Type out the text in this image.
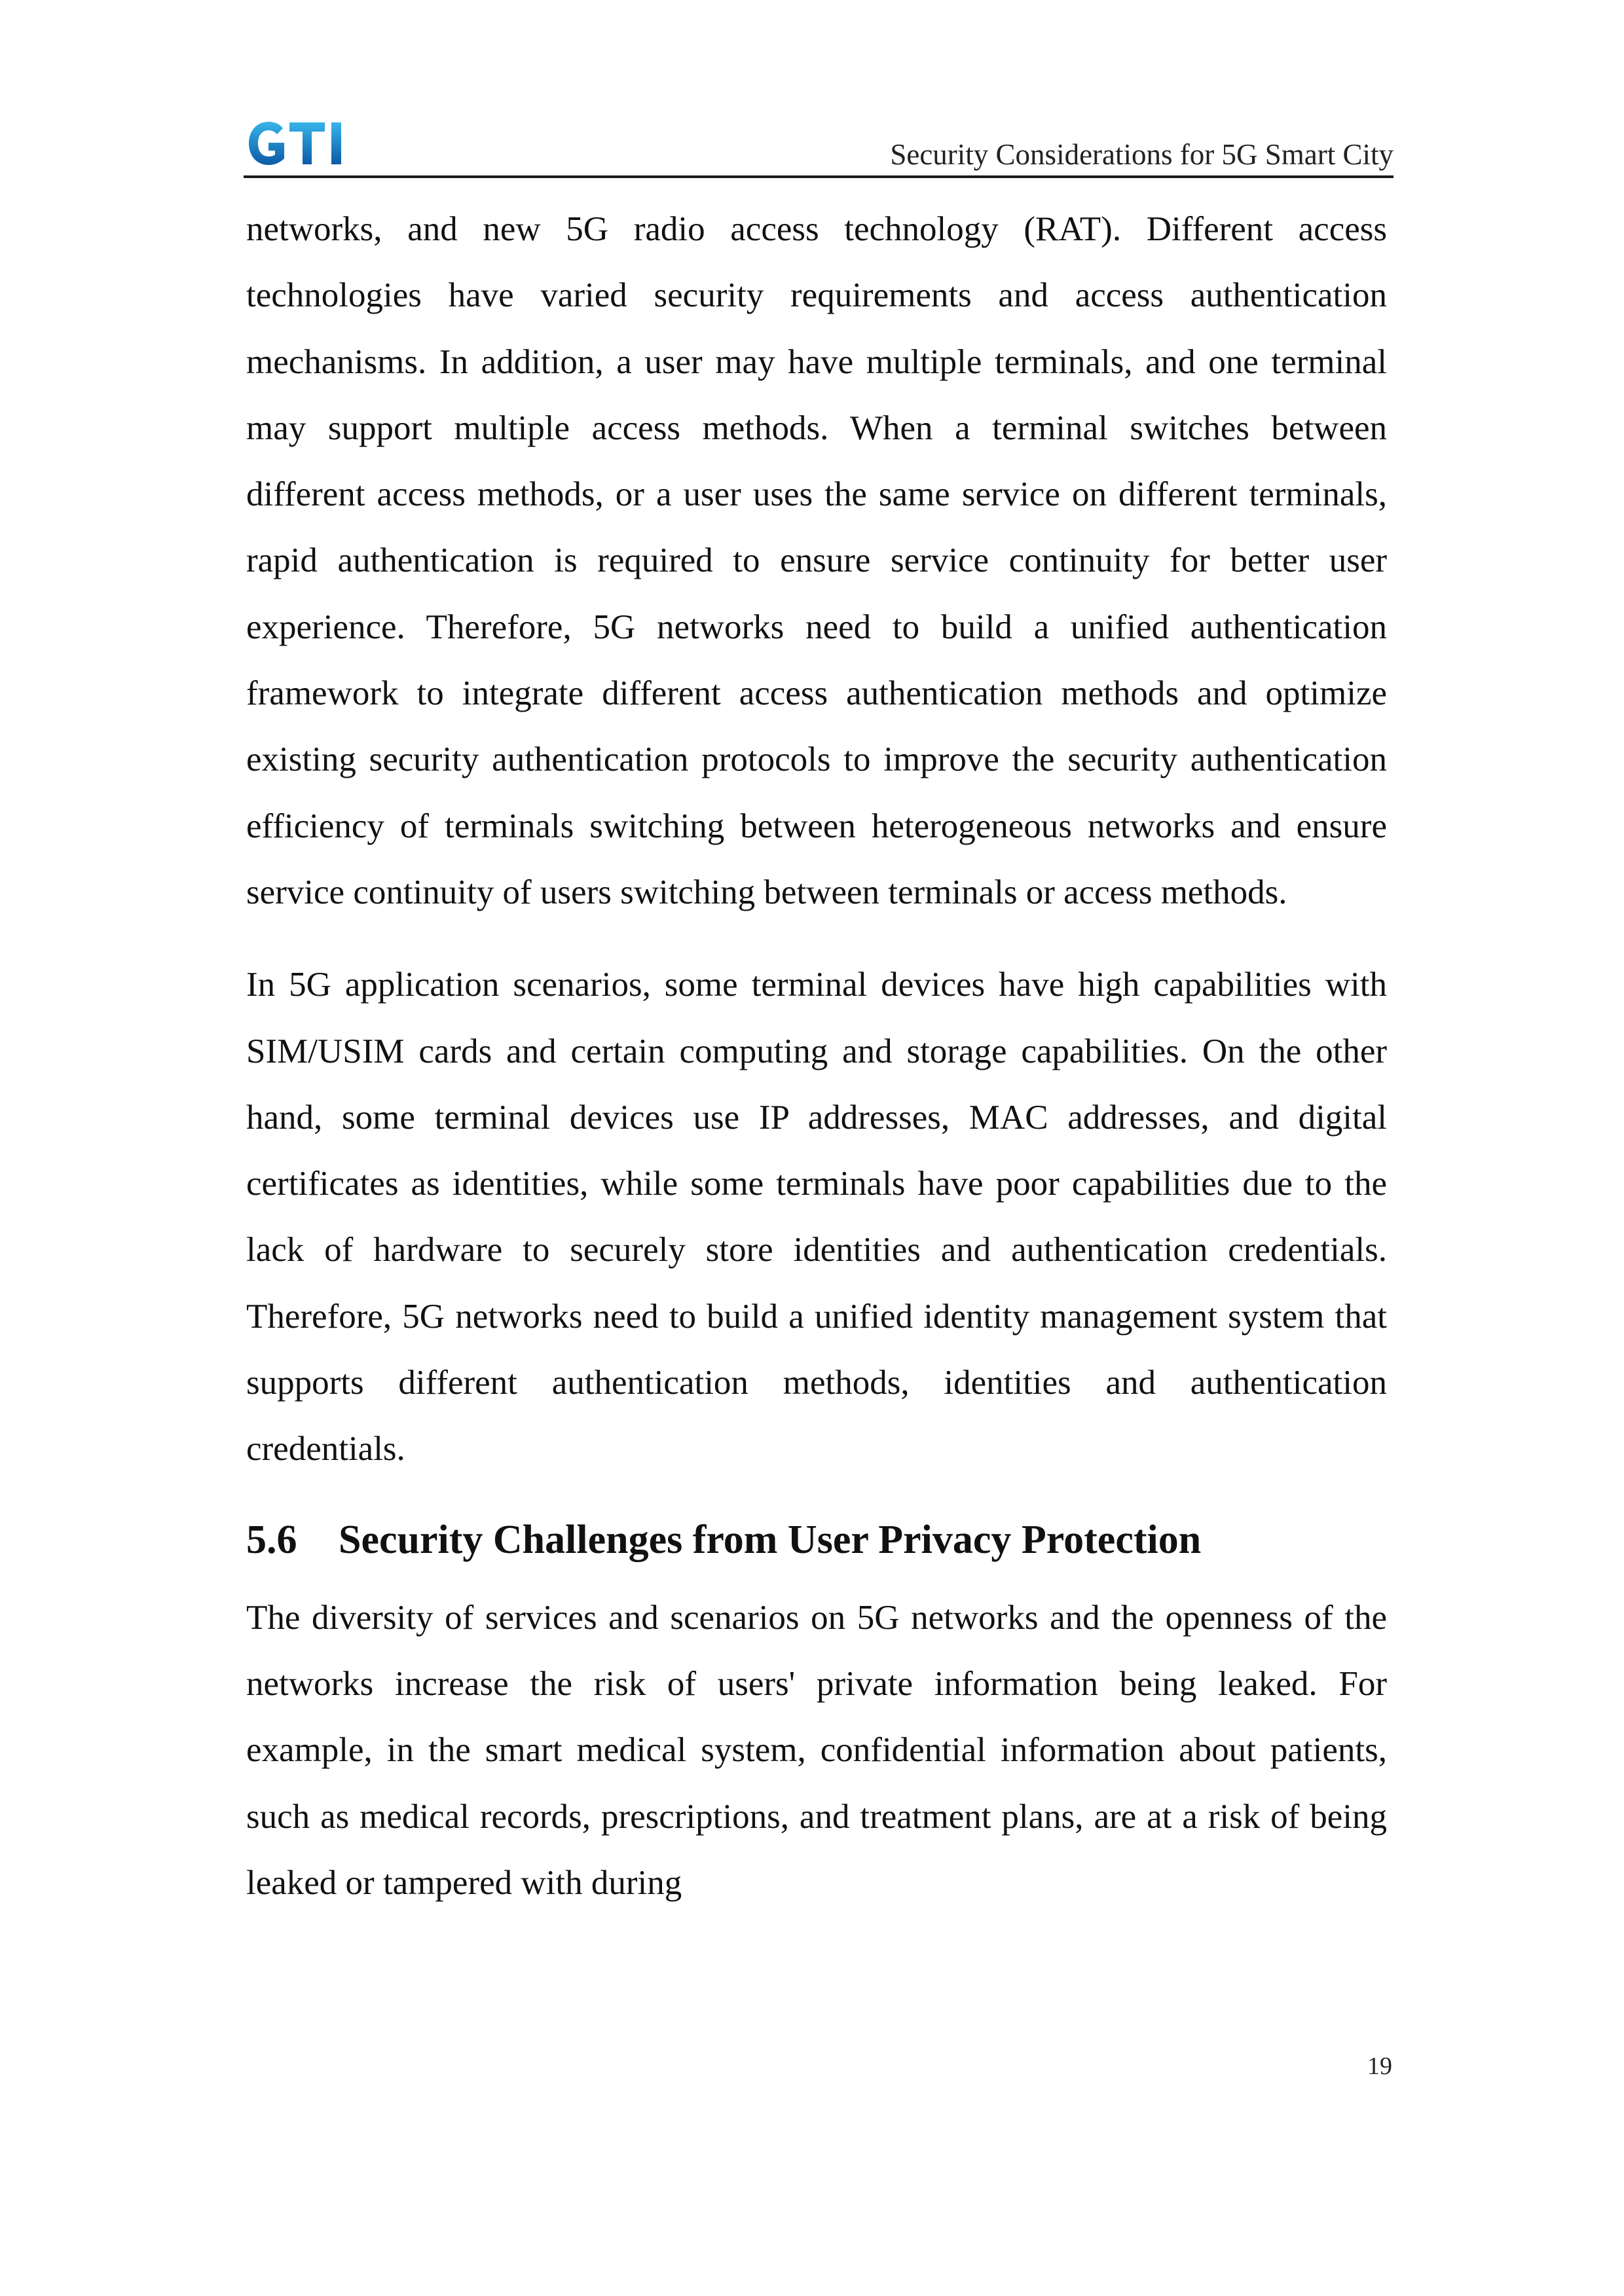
Security Considerations for 5G Smart City

networks, and new 5G radio access technology (RAT). Different access technologies have varied security requirements and access authentication mechanisms. In addition, a user may have multiple terminals, and one terminal may support multiple access methods. When a terminal switches between different access methods, or a user uses the same service on different terminals, rapid authentication is required to ensure service continuity for better user experience. Therefore, 5G networks need to build a unified authentication framework to integrate different access authentication methods and optimize existing security authentication protocols to improve the security authentication efficiency of terminals switching between heterogeneous networks and ensure service continuity of users switching between terminals or access methods.

In 5G application scenarios, some terminal devices have high capabilities with SIM/USIM cards and certain computing and storage capabilities. On the other hand, some terminal devices use IP addresses, MAC addresses, and digital certificates as identities, while some terminals have poor capabilities due to the lack of hardware to securely store identities and authentication credentials. Therefore, 5G networks need to build a unified identity management system that supports different authentication methods, identities and authentication credentials.

5.6 Security Challenges from User Privacy Protection

The diversity of services and scenarios on 5G networks and the openness of the networks increase the risk of users' private information being leaked. For example, in the smart medical system, confidential information about patients, such as medical records, prescriptions, and treatment plans, are at a risk of being leaked or tampered with during

19
